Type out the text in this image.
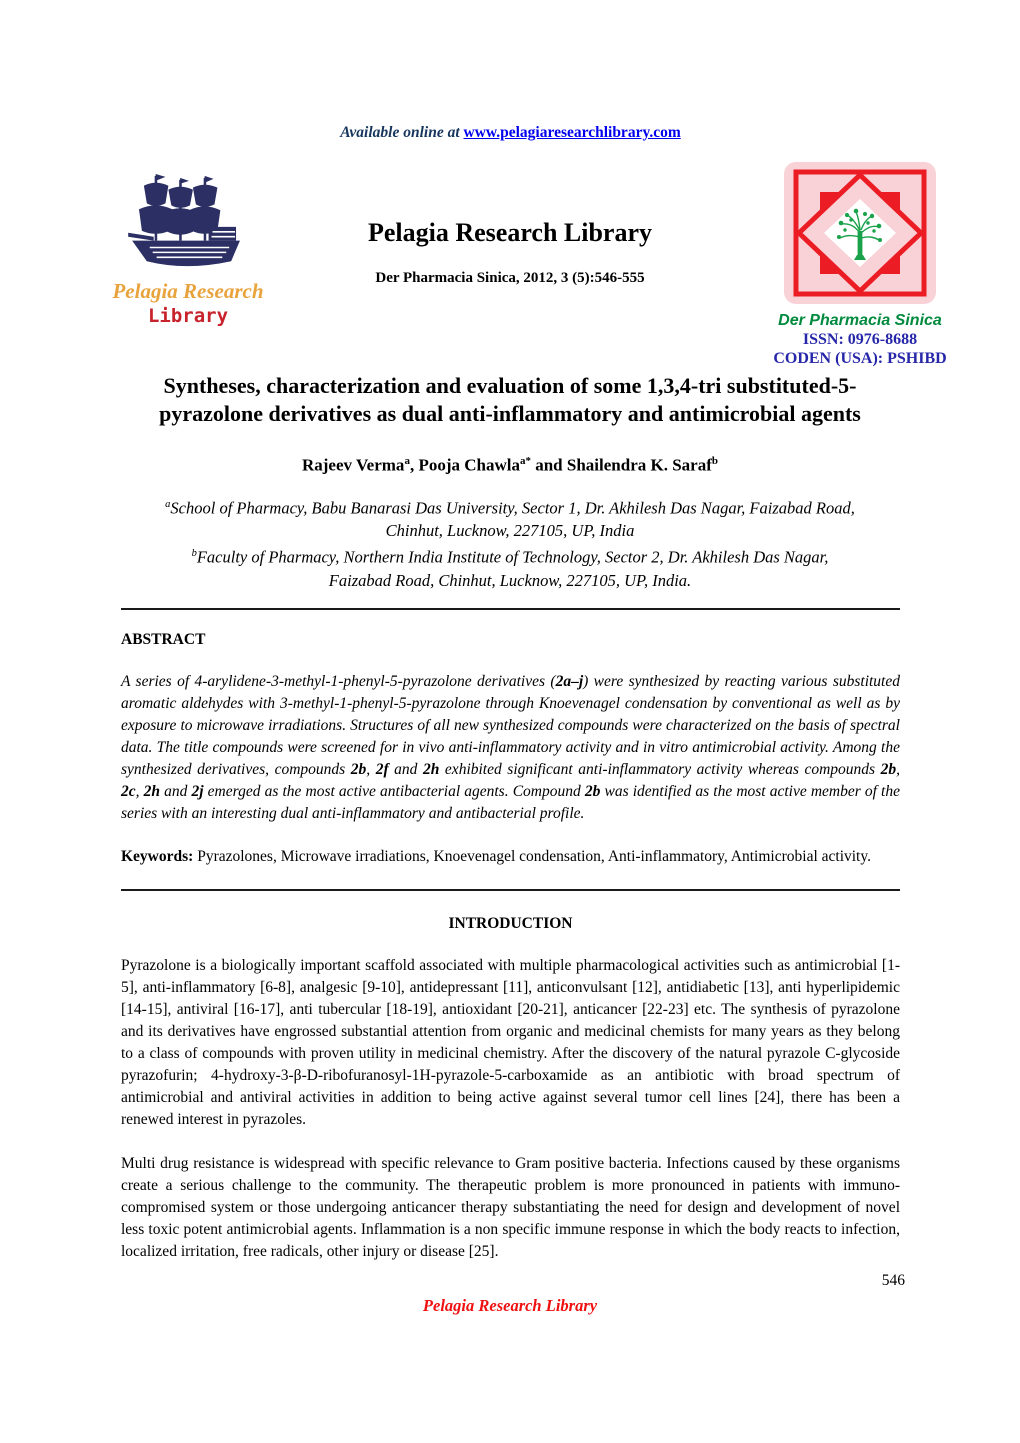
Available online at www.pelagiaresearchlibrary.com
Pelagia Research
Library
Pelagia Research Library
Der Pharmacia Sinica, 2012, 3 (5):546-555
Der Pharmacia Sinica
ISSN: 0976-8688
CODEN (USA): PSHIBD
Syntheses, characterization and evaluation of some 1,3,4-tri substituted-5-
pyrazolone derivatives as dual anti-inflammatory and antimicrobial agents
Rajeev Verma$^a$, Pooja Chawla$^{a*}$ and Shailendra K. Saraf$^b$
$^a$School of Pharmacy, Babu Banarasi Das University, Sector 1, Dr. Akhilesh Das Nagar, Faizabad Road, Chinhut, Lucknow, 227105, UP, India
$^b$Faculty of Pharmacy, Northern India Institute of Technology, Sector 2, Dr. Akhilesh Das Nagar, Faizabad Road, Chinhut, Lucknow, 227105, UP, India.
ABSTRACT
A series of 4-arylidene-3-methyl-1-phenyl-5-pyrazolone derivatives (2a–j) were synthesized by reacting various substituted aromatic aldehydes with 3-methyl-1-phenyl-5-pyrazolone through Knoevenagel condensation by conventional as well as by exposure to microwave irradiations. Structures of all new synthesized compounds were characterized on the basis of spectral data. The title compounds were screened for in vivo anti-inflammatory activity and in vitro antimicrobial activity. Among the synthesized derivatives, compounds 2b, 2f and 2h exhibited significant anti-inflammatory activity whereas compounds 2b, 2c, 2h and 2j emerged as the most active antibacterial agents. Compound 2b was identified as the most active member of the series with an interesting dual anti-inflammatory and antibacterial profile.
Keywords: Pyrazolones, Microwave irradiations, Knoevenagel condensation, Anti-inflammatory, Antimicrobial activity.
INTRODUCTION
Pyrazolone is a biologically important scaffold associated with multiple pharmacological activities such as antimicrobial [1-5], anti-inflammatory [6-8], analgesic [9-10], antidepressant [11], anticonvulsant [12], antidiabetic [13], anti hyperlipidemic [14-15], antiviral [16-17], anti tubercular [18-19], antioxidant [20-21], anticancer [22-23] etc. The synthesis of pyrazolone and its derivatives have engrossed substantial attention from organic and medicinal chemists for many years as they belong to a class of compounds with proven utility in medicinal chemistry. After the discovery of the natural pyrazole C-glycoside pyrazofurin; 4-hydroxy-3-β-D-ribofuranosyl-1H-pyrazole-5-carboxamide as an antibiotic with broad spectrum of antimicrobial and antiviral activities in addition to being active against several tumor cell lines [24], there has been a renewed interest in pyrazoles.
Multi drug resistance is widespread with specific relevance to Gram positive bacteria. Infections caused by these organisms create a serious challenge to the community. The therapeutic problem is more pronounced in patients with immuno-compromised system or those undergoing anticancer therapy substantiating the need for design and development of novel less toxic potent antimicrobial agents. Inflammation is a non specific immune response in which the body reacts to infection, localized irritation, free radicals, other injury or disease [25].
546
Pelagia Research Library
